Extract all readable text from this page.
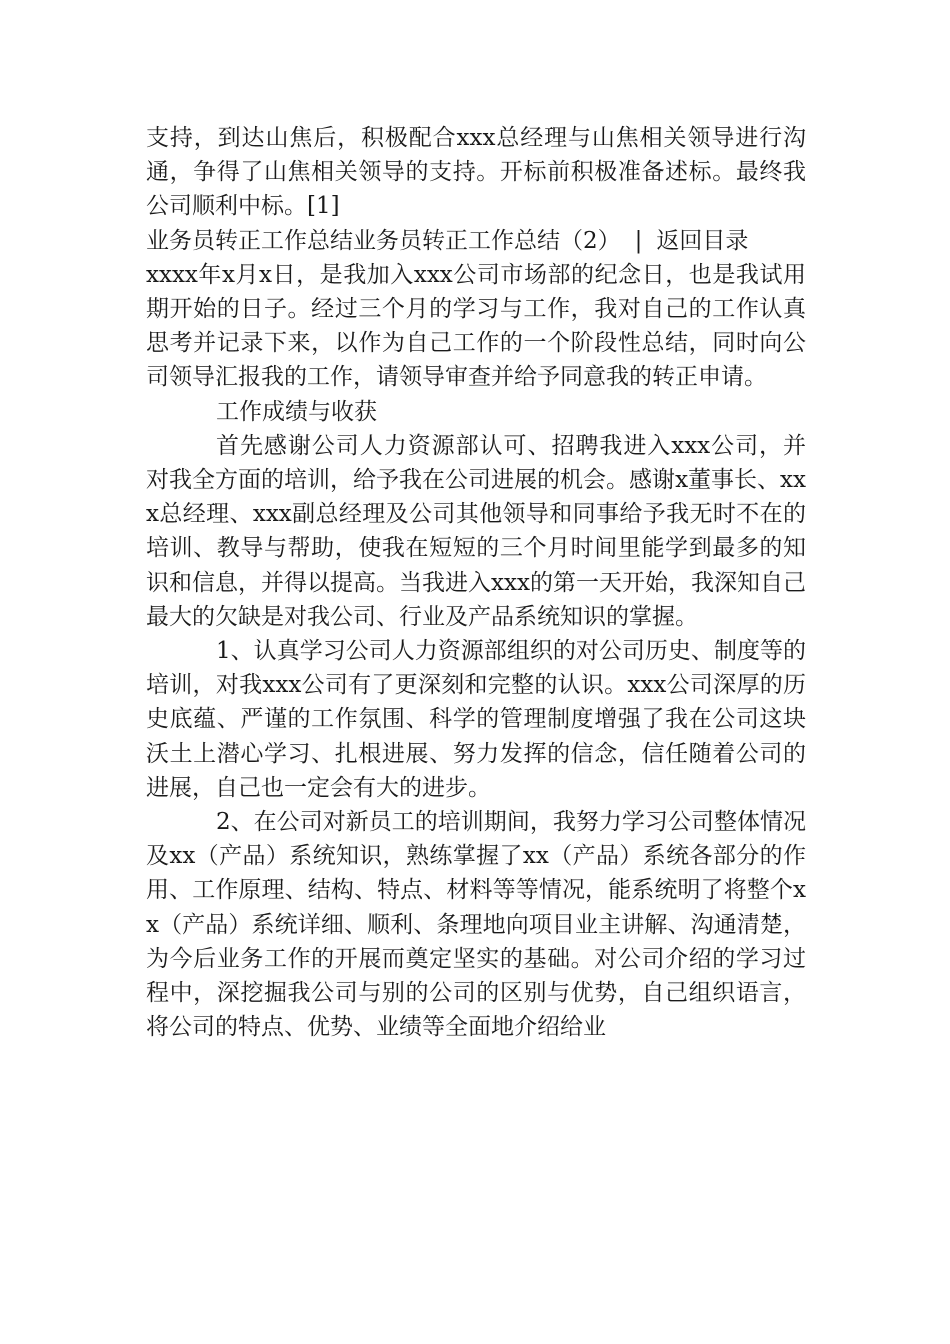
支持，到达山焦后，积极配合xxx总经理与山焦相关领导进行沟通，争得了山焦相关领导的支持。开标前积极准备述标。最终我公司顺利中标。[1]

业务员转正工作总结业务员转正工作总结（2） | 返回目录

xxxx年x月x日，是我加入xxx公司市场部的纪念日，也是我试用期开始的日子。经过三个月的学习与工作，我对自己的工作认真思考并记录下来，以作为自己工作的一个阶段性总结，同时向公司领导汇报我的工作，请领导审查并给予同意我的转正申请。

工作成绩与收获

首先感谢公司人力资源部认可、招聘我进入xxx公司，并对我全方面的培训，给予我在公司进展的机会。感谢x董事长、xxx总经理、xxx副总经理及公司其他领导和同事给予我无时不在的培训、教导与帮助，使我在短短的三个月时间里能学到最多的知识和信息，并得以提高。当我进入xxx的第一天开始，我深知自己最大的欠缺是对我公司、行业及产品系统知识的掌握。

1、认真学习公司人力资源部组织的对公司历史、制度等的培训，对我xxx公司有了更深刻和完整的认识。xxx公司深厚的历史底蕴、严谨的工作氛围、科学的管理制度增强了我在公司这块沃土上潜心学习、扎根进展、努力发挥的信念，信任随着公司的进展，自己也一定会有大的进步。

2、在公司对新员工的培训期间，我努力学习公司整体情况及xx（产品）系统知识，熟练掌握了xx（产品）系统各部分的作用、工作原理、结构、特点、材料等等情况，能系统明了将整个xx（产品）系统详细、顺利、条理地向项目业主讲解、沟通清楚，为今后业务工作的开展而奠定坚实的基础。对公司介绍的学习过程中，深挖掘我公司与别的公司的区别与优势，自己组织语言，将公司的特点、优势、业绩等全面地介绍给业
